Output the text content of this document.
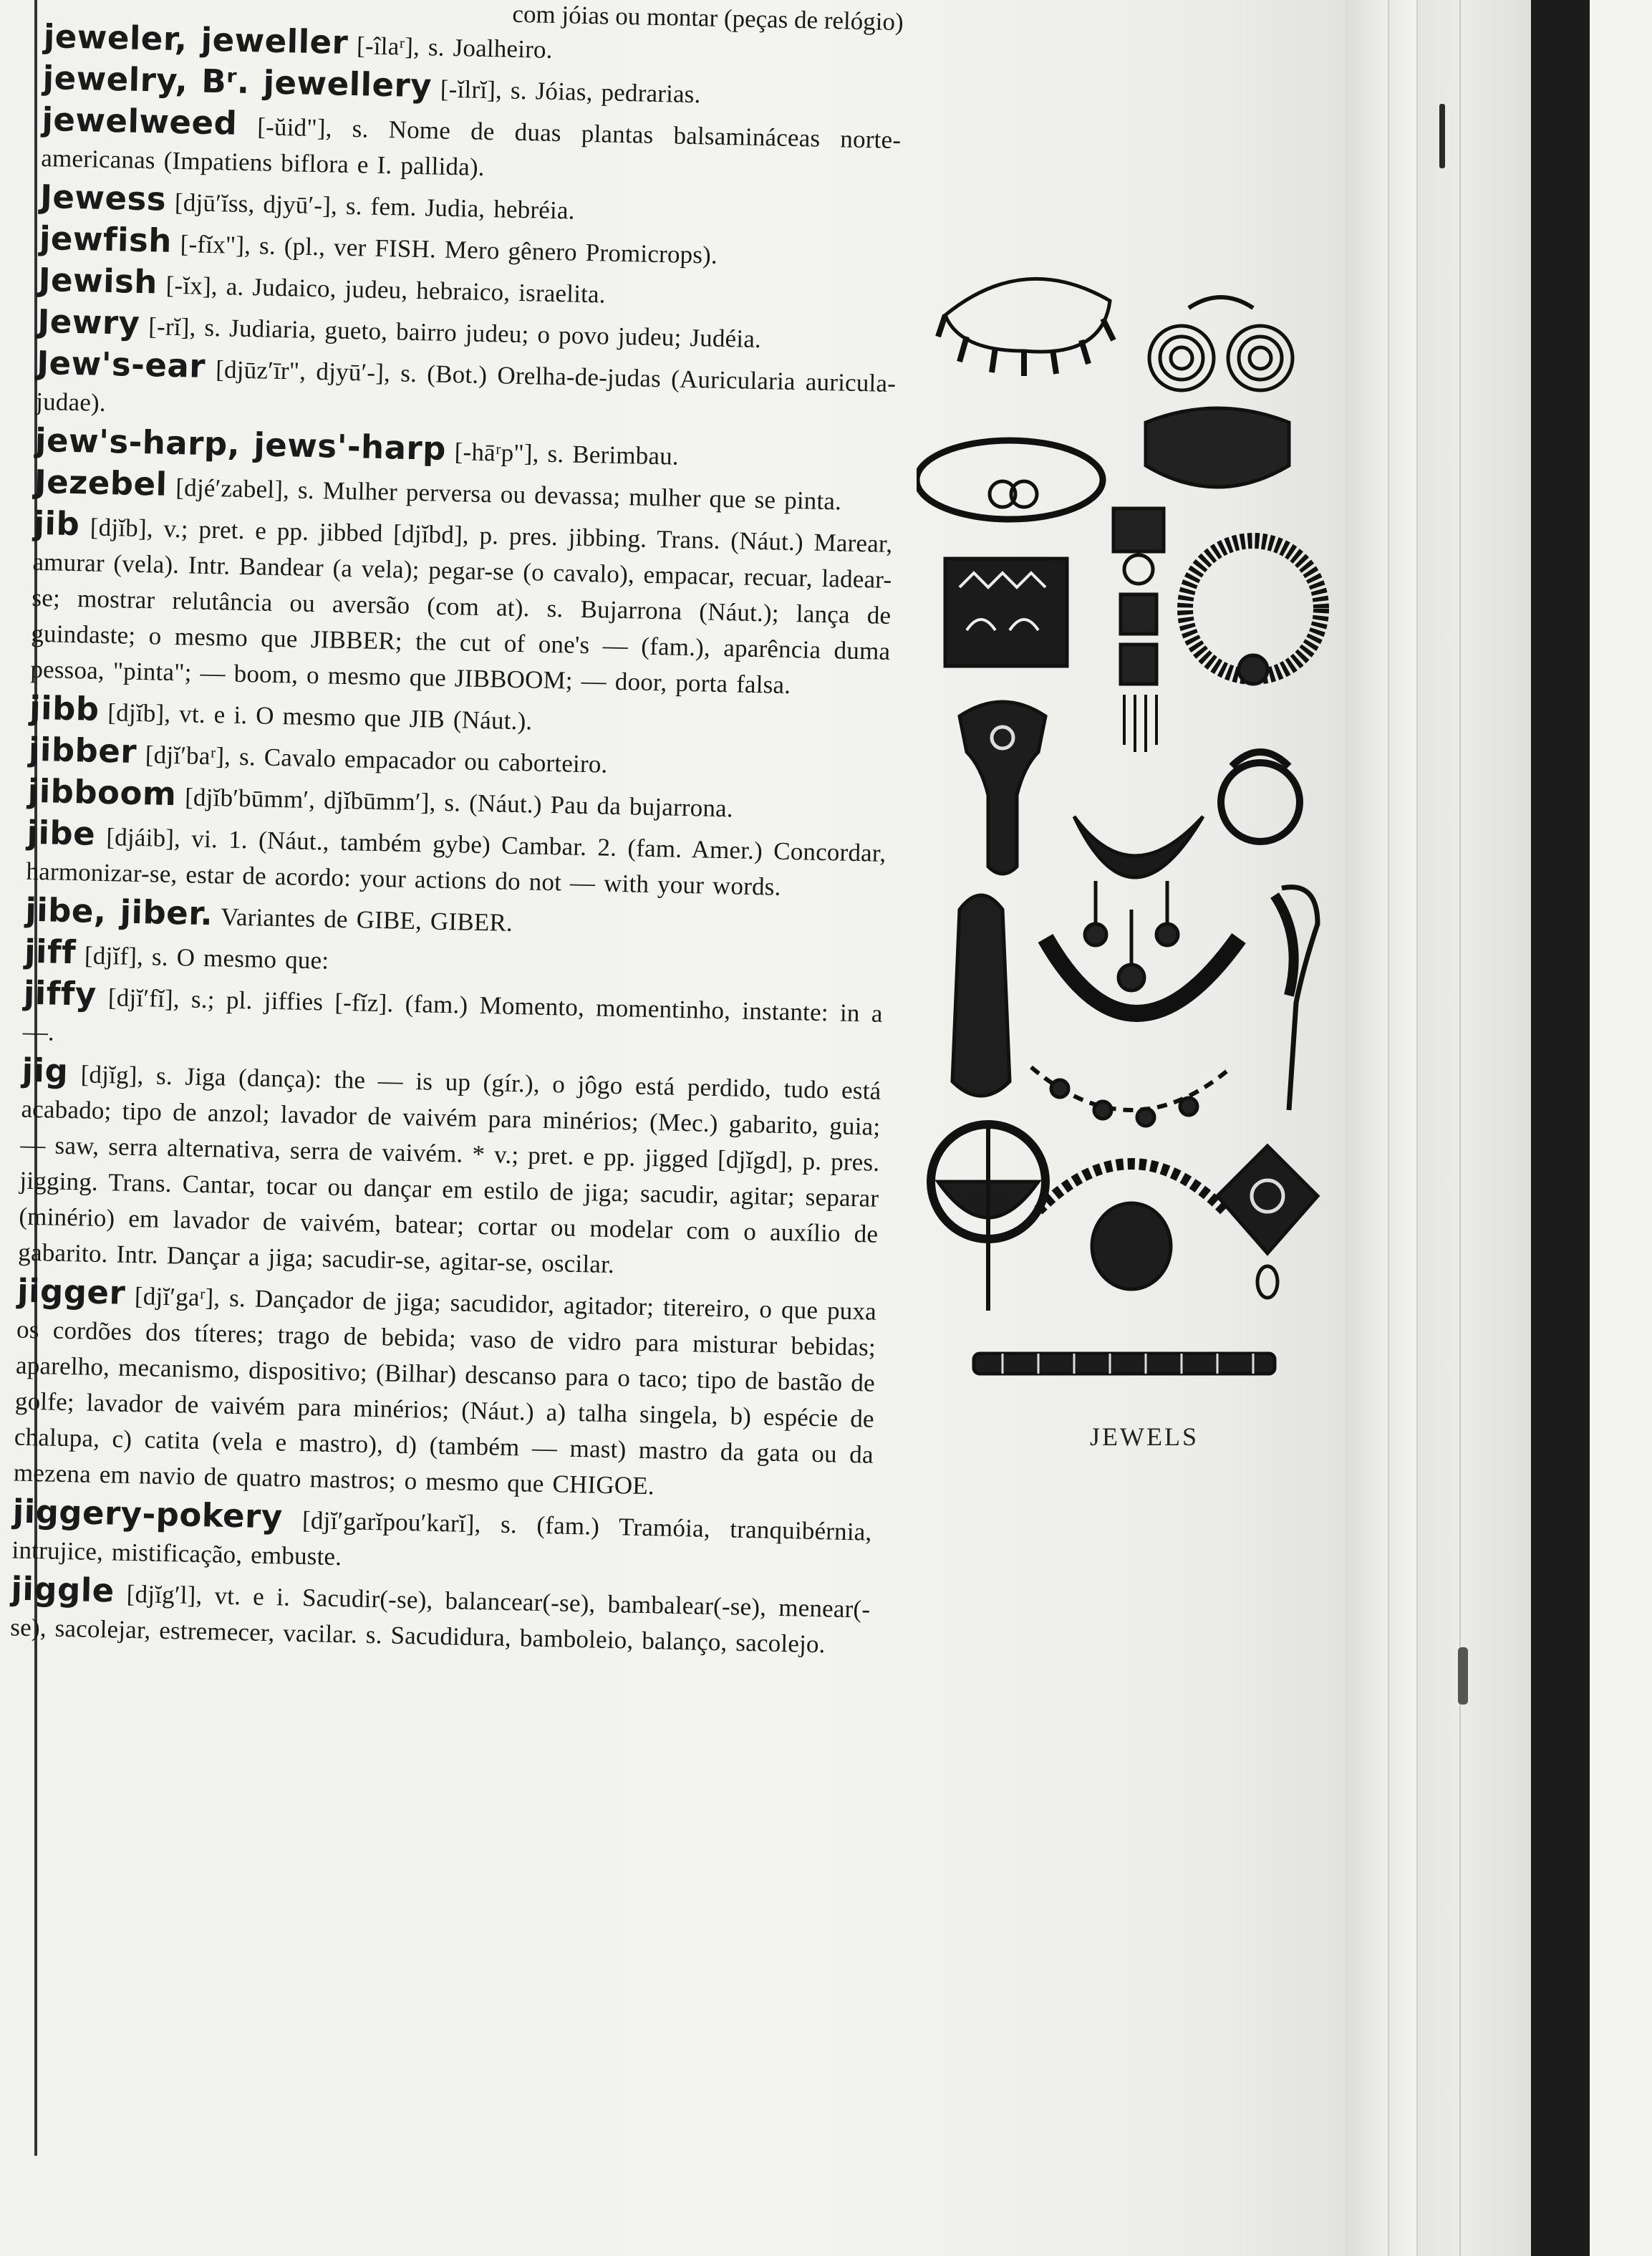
com jóias ou montar (peças de relógio)
jeweler, jeweller [-îlaʳ], s. Joalheiro.
jewelry, Bʳ. jewellery [-ĭlrĭ], s. Jóias, pedrarias.
jewelweed [-ŭid"], s. Nome de duas plantas balsamináceas norte-americanas (Impatiens biflora e I. pallida).
Jewess [djū′ĭss, djyū′-], s. fem. Judia, hebréia.
jewfish [-fĭx"], s. (pl., ver FISH. Mero gênero Promicrops).
Jewish [-ĭx], a. Judaico, judeu, hebraico, israelita.
Jewry [-rĭ], s. Judiaria, gueto, bairro judeu; o povo judeu; Judéia.
Jew's-ear [djūz′īr", djyū′-], s. (Bot.) Orelha-de-judas (Auricularia auricula-judae).
jew's-harp, jews'-harp [-hāʳp"], s. Berimbau.
Jezebel [djé′zabel], s. Mulher perversa ou devassa; mulher que se pinta.
jib [djĭb], v.; pret. e pp. jibbed [djĭbd], p. pres. jibbing. Trans. (Náut.) Marear, amurar (vela). Intr. Bandear (a vela); pegar-se (o cavalo), empacar, recuar, ladear-se; mostrar relutância ou aversão (com at). s. Bujarrona (Náut.); lança de guindaste; o mesmo que JIBBER; the cut of one's — (fam.), aparência duma pessoa, "pinta"; — boom, o mesmo que JIBBOOM; — door, porta falsa.
jibb [djĭb], vt. e i. O mesmo que JIB (Náut.).
jibber [djĭ′baʳ], s. Cavalo empacador ou caborteiro.
jibboom [djĭb′būmm′, djĭbūmm′], s. (Náut.) Pau da bujarrona.
jibe [djáib], vi. 1. (Náut., também gybe) Cambar. 2. (fam. Amer.) Concordar, harmonizar-se, estar de acordo: your actions do not — with your words.
jibe, jiber. Variantes de GIBE, GIBER.
jiff [djĭf], s. O mesmo que:
jiffy [djĭ′fĭ], s.; pl. jiffies [-fĭz]. (fam.) Momento, momentinho, instante: in a —.
jig [djĭg], s. Jiga (dança): the — is up (gír.), o jôgo está perdido, tudo está acabado; tipo de anzol; lavador de vaivém para minérios; (Mec.) gabarito, guia; — saw, serra alternativa, serra de vaivém. * v.; pret. e pp. jigged [djĭgd], p. pres. jigging. Trans. Cantar, tocar ou dançar em estilo de jiga; sacudir, agitar; separar (minério) em lavador de vaivém, batear; cortar ou modelar com o auxílio de gabarito. Intr. Dançar a jiga; sacudir-se, agitar-se, oscilar.
jigger [djĭ′gaʳ], s. Dançador de jiga; sacudidor, agitador; titereiro, o que puxa os cordões dos títeres; trago de bebida; vaso de vidro para misturar bebidas; aparelho, mecanismo, dispositivo; (Bilhar) descanso para o taco; tipo de bastão de golfe; lavador de vaivém para minérios; (Náut.) a) talha singela, b) espécie de chalupa, c) catita (vela e mastro), d) (também — mast) mastro da gata ou da mezena em navio de quatro mastros; o mesmo que CHIGOE.
jiggery-pokery [djĭ′garĭpou′karĭ], s. (fam.) Tramóia, tranquibérnia, intrujice, mistificação, embuste.
jiggle [djĭg′l], vt. e i. Sacudir(-se), balancear(-se), bambalear(-se), menear(-se), sacolejar, estremecer, vacilar. s. Sacudidura, bamboleio, balanço, sacolejo.
JEWELS
